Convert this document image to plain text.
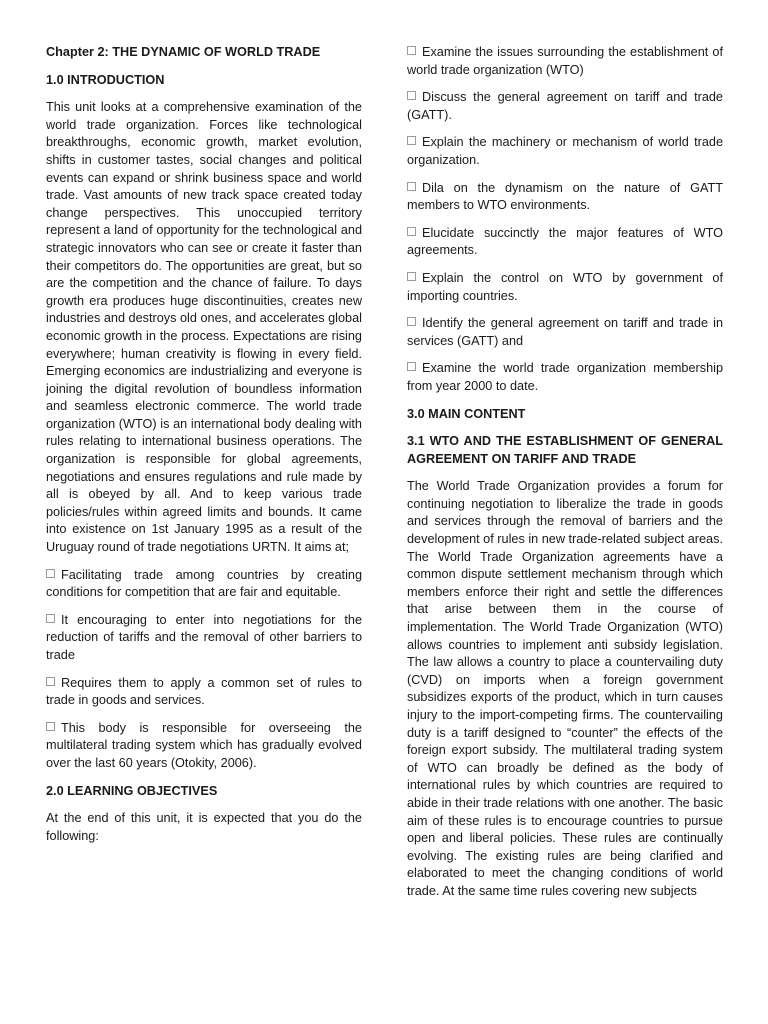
Chapter 2: THE DYNAMIC OF WORLD TRADE
1.0 INTRODUCTION

This unit looks at a comprehensive examination of the world trade organization. Forces like technological breakthroughs, economic growth, market evolution, shifts in customer tastes, social changes and political events can expand or shrink business space and world trade. Vast amounts of new track space created today change perspectives. This unoccupied territory represent a land of opportunity for the technological and strategic innovators who can see or create it faster than their competitors do. The opportunities are great, but so are the competition and the chance of failure. To days growth era produces huge discontinuities, creates new industries and destroys old ones, and accelerates global economic growth in the process. Expectations are rising everywhere; human creativity is flowing in every field. Emerging economics are industrializing and everyone is joining the digital revolution of boundless information and seamless electronic commerce. The world trade organization (WTO) is an international body dealing with rules relating to international business operations. The organization is responsible for global agreements, negotiations and ensures regulations and rule made by all is obeyed by all. And to keep various trade policies/rules within agreed limits and bounds. It came into existence on 1st January 1995 as a result of the Uruguay round of trade negotiations URTN. It aims at;

Facilitating trade among countries by creating conditions for competition that are fair and equitable.

It encouraging to enter into negotiations for the reduction of tariffs and the removal of other barriers to trade

Requires them to apply a common set of rules to trade in goods and services.

This body is responsible for overseeing the multilateral trading system which has gradually evolved over the last 60 years (Otokity, 2006).

2.0 LEARNING OBJECTIVES

At the end of this unit, it is expected that you do the following:

Examine the issues surrounding the establishment of world trade organization (WTO)

Discuss the general agreement on tariff and trade (GATT).

Explain the machinery or mechanism of world trade organization.

Dila on the dynamism on the nature of GATT members to WTO environments.

Elucidate succinctly the major features of WTO agreements.

Explain the control on WTO by government of importing countries.

Identify the general agreement on tariff and trade in services (GATT) and

Examine the world trade organization membership from year 2000 to date.

3.0 MAIN CONTENT
3.1 WTO AND THE ESTABLISHMENT OF GENERAL AGREEMENT ON TARIFF AND TRADE

The World Trade Organization provides a forum for continuing negotiation to liberalize the trade in goods and services through the removal of barriers and the development of rules in new trade-related subject areas. The World Trade Organization agreements have a common dispute settlement mechanism through which members enforce their right and settle the differences that arise between them in the course of implementation. The World Trade Organization (WTO) allows countries to implement anti subsidy legislation. The law allows a country to place a countervailing duty (CVD) on imports when a foreign government subsidizes exports of the product, which in turn causes injury to the import-competing firms. The countervailing duty is a tariff designed to “counter” the effects of the foreign export subsidy. The multilateral trading system of WTO can broadly be defined as the body of international rules by which countries are required to abide in their trade relations with one another. The basic aim of these rules is to encourage countries to pursue open and liberal policies. These rules are continually evolving. The existing rules are being clarified and elaborated to meet the changing conditions of world trade. At the same time rules covering new subjects
